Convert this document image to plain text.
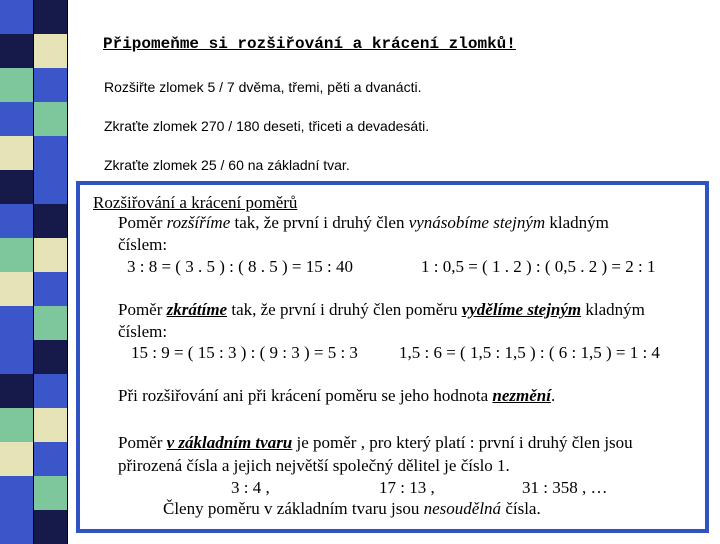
Připomeňme si rozšiřování a krácení zlomků!
Rozšiřte zlomek 5 / 7 dvěma, třemi, pěti a dvanácti.
Zkraťte zlomek 270 / 180 deseti, třiceti a devadesáti.
Zkraťte zlomek 25 / 60 na základní tvar.
Rozšiřování a krácení poměrů
Poměr rozšíříme tak, že první i druhý člen vynásobíme stejným kladným
číslem:
3 : 8 = ( 3 . 5 ) : ( 8 . 5 ) = 15 : 40	1 : 0,5 = ( 1 . 2 ) : ( 0,5 . 2 ) = 2 : 1
Poměr zkrátíme tak, že první i druhý člen poměru vydělíme stejným kladným
číslem:
15 : 9 = ( 15 : 3 ) : ( 9 : 3 ) = 5 : 3 1,5 : 6 = ( 1,5 : 1,5 ) : ( 6 : 1,5 ) = 1 : 4
Při rozšiřování ani při krácení poměru se jeho hodnota nezmění.
Poměr v základním tvaru je poměr , pro který platí : první i druhý člen jsou
přirozená čísla a jejich největší společný dělitel je číslo 1.
3 : 4 ,	17 : 13 ,	31 : 358 , …
Členy poměru v základním tvaru jsou nesoudělná čísla.
